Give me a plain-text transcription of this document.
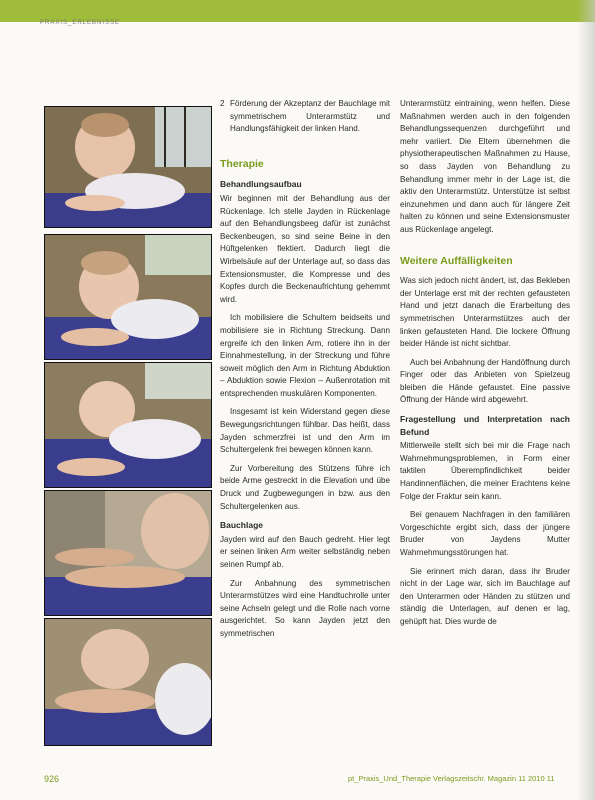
PRAXIS_ERLEBNISSE
2 Förderung der Akzeptanz der Bauchlage mit symmetrischem Unterarmstütz und Handlungsfähigkeit der linken Hand.
Therapie
Behandlungsaufbau

Wir beginnen mit der Behandlung aus der Rückenlage. Ich stelle Jayden in Rückenlage auf den Behandlungsbeeg dafür ist zunächst Beckenbeugen, so sind seine Beine in den Hüftgelenken flektiert. Dadurch liegt die Wirbelsäule auf der Unterlage auf, so dass das Extensionsmuster, die Kompresse und des Kopfes durch die Beckenaufrichtung gehemmt wird.

Ich mobilisiere die Schultern beidseits und mobilisiere sie in Richtung Streckung. Dann ergreife ich den linken Arm, rotiere ihn in der Einnahmestellung, in der Streckung und führe soweit möglich den Arm in Richtung Abduktion – Abduktion sowie Flexion – Außenrotation mit entsprechenden muskulären Komponenten.

Insgesamt ist kein Widerstand gegen diese Bewegungsrichtungen fühlbar. Das heißt, dass Jayden schmerzfrei ist und den Arm im Schultergelenk frei bewegen können kann.

Zur Vorbereitung des Stützens führe ich beide Arme gestreckt in die Elevation und übe Druck und Zugbewegungen in bzw. aus den Schultergelenken aus.

Bauchlage

Jayden wird auf den Bauch gedreht. Hier legt er seinen linken Arm weiter selbständig neben seinen Rumpf ab.

Zur Anbahnung des symmetrischen Unterarmstützes wird eine Handtuchrolle unter seine Achseln gelegt und die Rolle nach vorne ausgerichtet. So kann Jayden jetzt den symmetrischen

Unterarmstütz eintraining, wenn helfen. Diese Maßnahmen werden auch in den folgenden Behandlungssequenzen durchgeführt und mehr variiert. Die Eltern übernehmen die physiotherapeutischen Maßnahmen zu Hause, so dass Jayden von Behandlung zu Behandlung immer mehr in der Lage ist, die aktiv den Unterarmstütz. Unterstütze ist selbst einzunehmen und dann auch für längere Zeit halten zu können und seine Extensionsmuster aus Rückenlage angelegt.

Weitere Auffälligkeiten

Was sich jedoch nicht ändert, ist, das Bekleben der Unterlage erst mit der rechten gefausteten Hand und jetzt danach die Erarbeitung des symmetrischen Unterarmstützes auch der linken gefausteten Hand. Die lockere Öffnung beider Hände ist nicht sichtbar.

Auch bei Anbahnung der Handöffnung durch Finger oder das Anbieten von Spielzeug bleiben die Hände gefaustet. Eine passive Öffnung der Hände wird abgewehrt.

Fragestellung und Interpretation nach Befund

Mittlerweile stellt sich bei mir die Frage nach Wahrnehmungsproblemen, in Form einer taktilen Überempfindlichkeit beider Handinnenflächen, die meiner Erachtens keine Folge der Fraktur sein kann.

Bei genauem Nachfragen in den familiären Vorgeschichte ergibt sich, dass der jüngere Bruder von Jaydens Mutter Wahrnehmungsstörungen hat.

Sie erinnert mich daran, dass ihr Bruder nicht in der Lage war, sich im Bauchlage auf den Unterarmen oder Händen zu stützen und ständig die Unterlagen, auf denen er lag, gehüpft hat. Dies wurde de

926	pt_Praxis_Und_Therapie Verlagszeitschr. Magazin 11 2010 11
